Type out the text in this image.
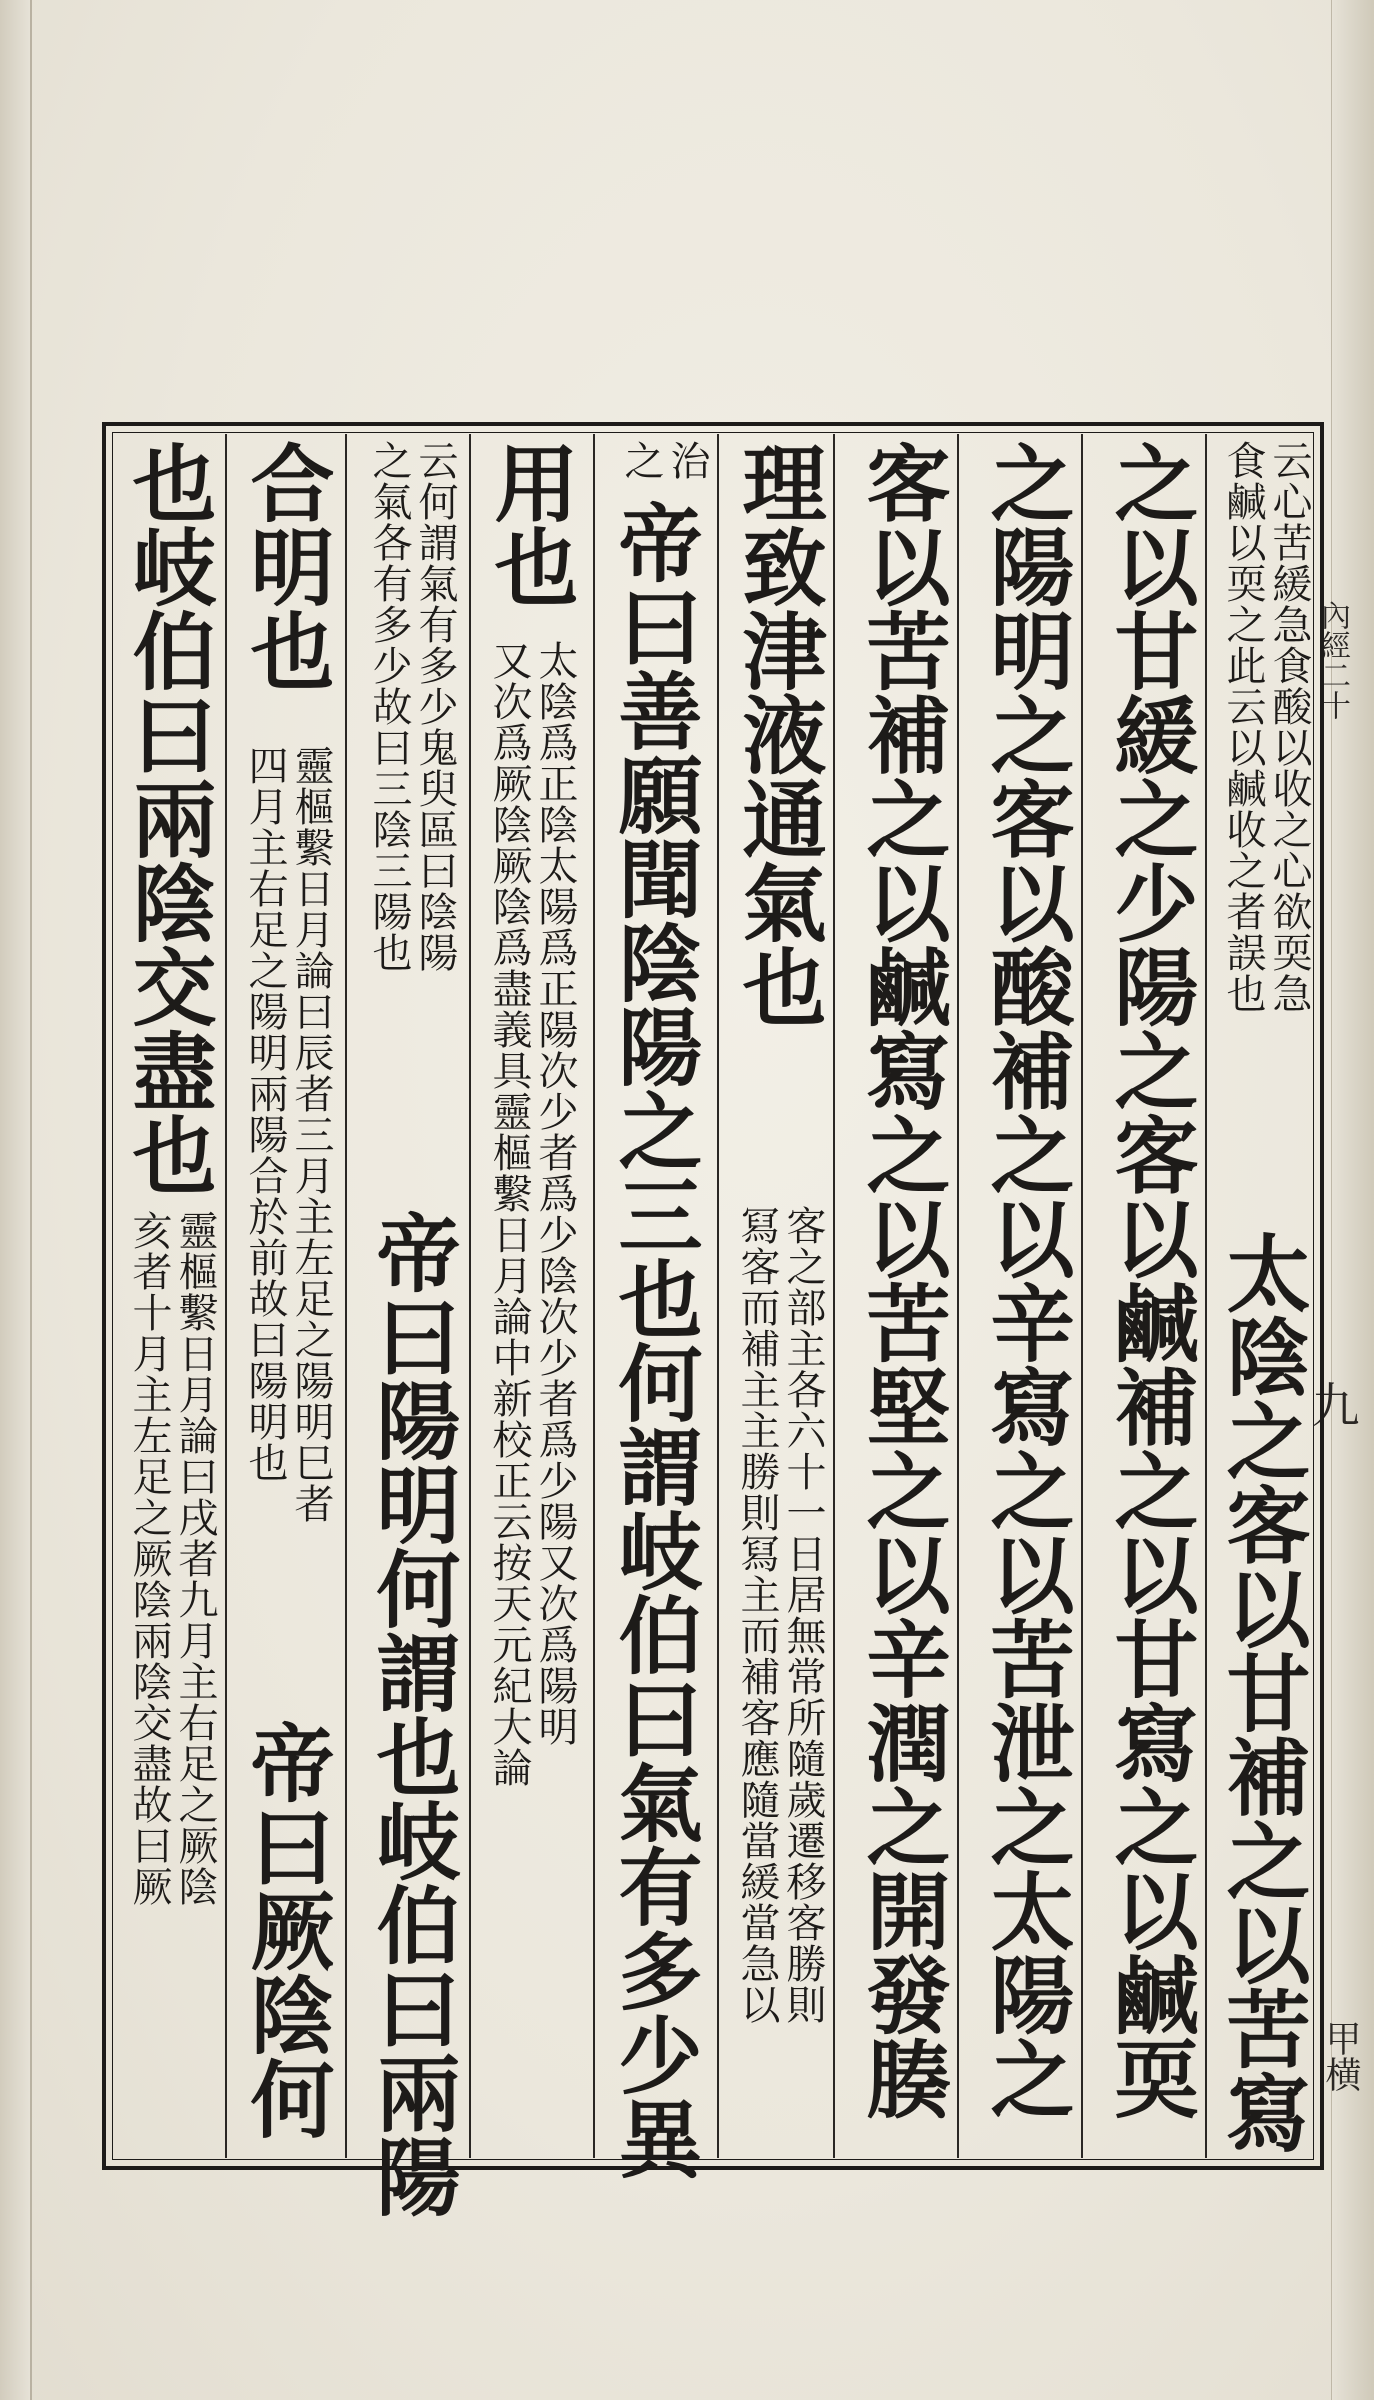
內經二十
九
甲横
云心苦緩急食酸以收之心欲耎急
食鹹以耎之此云以鹹收之者誤也
太陰之客以甘補之以苦寫
之以甘緩之少陽之客以鹹補之以甘寫之以鹹耎
之陽明之客以酸補之以辛寫之以苦泄之太陽之
客以苦補之以鹹寫之以苦堅之以辛潤之開發腠
理致津液通氣也
客之部主各六十一日居無常所隨歲遷移客勝則
冩客而補主主勝則冩主而補客應隨當緩當急以
治
之
帝曰善願聞陰陽之三也何謂岐伯曰氣有多少異
用也
太陰爲正陰太陽爲正陽次少者爲少陰次少者爲少陽又次爲陽明
又次爲厥陰厥陰爲盡義具靈樞繫日月論中新校正云按天元紀大論
云何謂氣有多少鬼臾區曰陰陽
之氣各有多少故曰三陰三陽也
帝曰陽明何謂也岐伯曰兩陽
合明也
靈樞繫日月論曰辰者三月主左足之陽明巳者
四月主右足之陽明兩陽合於前故曰陽明也
帝曰厥陰何
也岐伯曰兩陰交盡也
靈樞繫日月論曰戌者九月主右足之厥陰
亥者十月主左足之厥陰兩陰交盡故曰厥
